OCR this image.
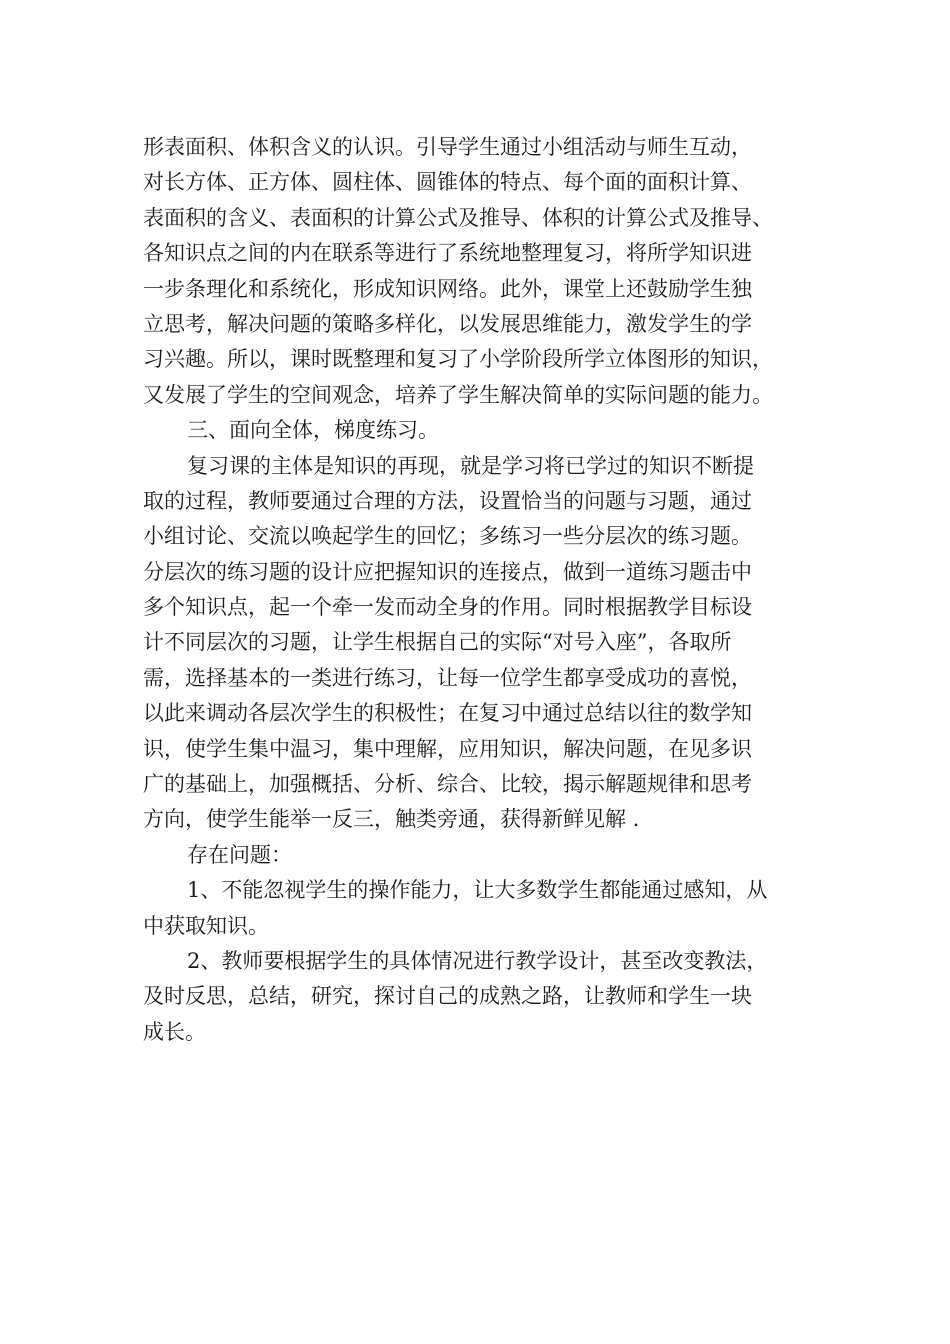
形表面积、体积含义的认识。引导学生通过小组活动与师生互动，
对长方体、正方体、圆柱体、圆锥体的特点、每个面的面积计算、
表面积的含义、表面积的计算公式及推导、体积的计算公式及推导、
各知识点之间的内在联系等进行了系统地整理复习，将所学知识进
一步条理化和系统化，形成知识网络。此外，课堂上还鼓励学生独
立思考，解决问题的策略多样化，以发展思维能力，激发学生的学
习兴趣。所以，课时既整理和复习了小学阶段所学立体图形的知识，
又发展了学生的空间观念，培养了学生解决简单的实际问题的能力。
三、面向全体，梯度练习。
复习课的主体是知识的再现，就是学习将已学过的知识不断提
取的过程，教师要通过合理的方法，设置恰当的问题与习题，通过
小组讨论、交流以唤起学生的回忆；多练习一些分层次的练习题。
分层次的练习题的设计应把握知识的连接点，做到一道练习题击中
多个知识点，起一个牵一发而动全身的作用。同时根据教学目标设
计不同层次的习题，让学生根据自己的实际“对号入座”，各取所
需，选择基本的一类进行练习，让每一位学生都享受成功的喜悦，
以此来调动各层次学生的积极性；在复习中通过总结以往的数学知
识，使学生集中温习，集中理解，应用知识，解决问题，在见多识
广的基础上，加强概括、分析、综合、比较，揭示解题规律和思考
方向，使学生能举一反三，触类旁通，获得新鲜见解 .
存在问题：
1、不能忽视学生的操作能力，让大多数学生都能通过感知，从
中获取知识。
2、教师要根据学生的具体情况进行教学设计，甚至改变教法，
及时反思，总结，研究，探讨自己的成熟之路，让教师和学生一块
成长。
